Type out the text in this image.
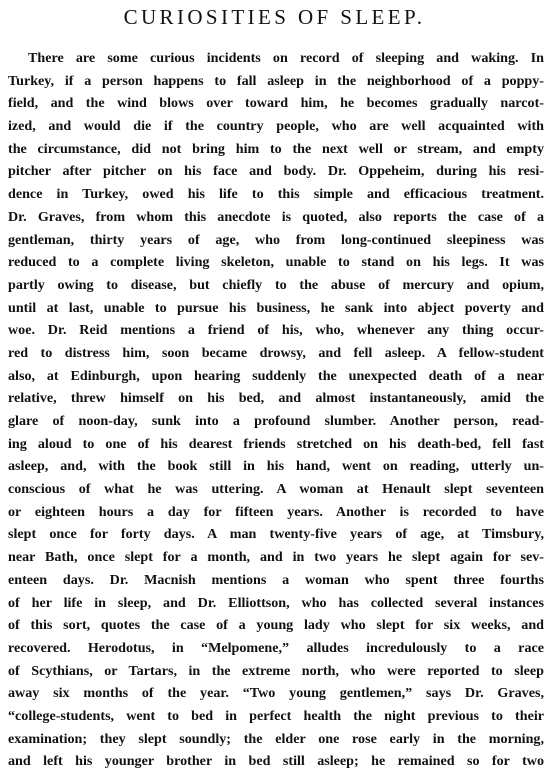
CURIOSITIES OF SLEEP.
There are some curious incidents on record of sleeping and waking. In
Turkey, if a person happens to fall asleep in the neighborhood of a poppy-
field, and the wind blows over toward him, he becomes gradually narcot-
ized, and would die if the country people, who are well acquainted with
the circumstance, did not bring him to the next well or stream, and empty
pitcher after pitcher on his face and body. Dr. Oppeheim, during his resi-
dence in Turkey, owed his life to this simple and efficacious treatment.
Dr. Graves, from whom this anecdote is quoted, also reports the case of a
gentleman, thirty years of age, who from long-continued sleepiness was
reduced to a complete living skeleton, unable to stand on his legs. It was
partly owing to disease, but chiefly to the abuse of mercury and opium,
until at last, unable to pursue his business, he sank into abject poverty and
woe. Dr. Reid mentions a friend of his, who, whenever any thing occur-
red to distress him, soon became drowsy, and fell asleep. A fellow-student
also, at Edinburgh, upon hearing suddenly the unexpected death of a near
relative, threw himself on his bed, and almost instantaneously, amid the
glare of noon-day, sunk into a profound slumber. Another person, read-
ing aloud to one of his dearest friends stretched on his death-bed, fell fast
asleep, and, with the book still in his hand, went on reading, utterly un-
conscious of what he was uttering. A woman at Henault slept seventeen
or eighteen hours a day for fifteen years. Another is recorded to have
slept once for forty days. A man twenty-five years of age, at Timsbury,
near Bath, once slept for a month, and in two years he slept again for sev-
enteen days. Dr. Macnish mentions a woman who spent three fourths
of her life in sleep, and Dr. Elliottson, who has collected several instances
of this sort, quotes the case of a young lady who slept for six weeks, and
recovered. Herodotus, in “Melpomene,” alludes incredulously to a race
of Scythians, or Tartars, in the extreme north, who were reported to sleep
away six months of the year. “Two young gentlemen,” says Dr. Graves,
“college-students, went to bed in perfect health the night previous to their
examination; they slept soundly; the elder one rose early in the morning,
and left his younger brother in bed still asleep; he remained so for two
